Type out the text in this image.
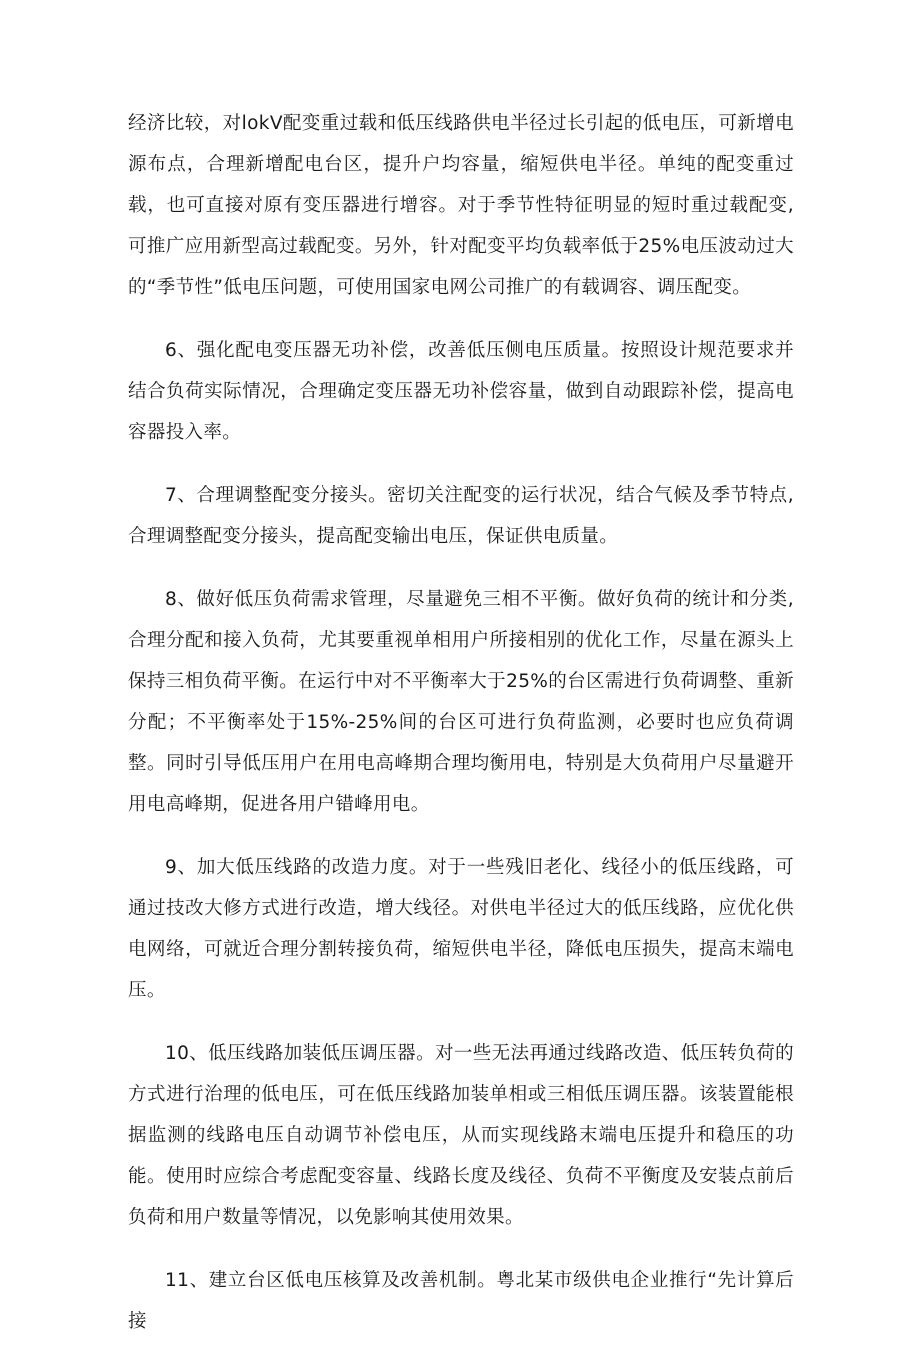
经济比较，对lokV配变重过载和低压线路供电半径过长引起的低电压，可新增电源布点，合理新增配电台区，提升户均容量，缩短供电半径。单纯的配变重过载，也可直接对原有变压器进行增容。对于季节性特征明显的短时重过载配变, 可推广应用新型高过载配变。另外，针对配变平均负载率低于25%电压波动过大的“季节性”低电压问题，可使用国家电网公司推广的有载调容、调压配变。

6、强化配电变压器无功补偿，改善低压侧电压质量。按照设计规范要求并结合负荷实际情况，合理确定变压器无功补偿容量，做到自动跟踪补偿，提高电容器投入率。

7、合理调整配变分接头。密切关注配变的运行状况，结合气候及季节特点, 合理调整配变分接头，提高配变输出电压，保证供电质量。

8、做好低压负荷需求管理，尽量避免三相不平衡。做好负荷的统计和分类, 合理分配和接入负荷，尤其要重视单相用户所接相别的优化工作，尽量在源头上保持三相负荷平衡。在运行中对不平衡率大于25%的台区需进行负荷调整、重新分配；不平衡率处于15%-25%间的台区可进行负荷监测，必要时也应负荷调整。同时引导低压用户在用电高峰期合理均衡用电，特别是大负荷用户尽量避开用电高峰期，促进各用户错峰用电。

9、加大低压线路的改造力度。对于一些残旧老化、线径小的低压线路，可通过技改大修方式进行改造，增大线径。对供电半径过大的低压线路，应优化供电网络，可就近合理分割转接负荷，缩短供电半径，降低电压损失，提高末端电压。

10、低压线路加装低压调压器。对一些无法再通过线路改造、低压转负荷的方式进行治理的低电压，可在低压线路加装单相或三相低压调压器。该装置能根据监测的线路电压自动调节补偿电压，从而实现线路末端电压提升和稳压的功能。使用时应综合考虑配变容量、线路长度及线径、负荷不平衡度及安装点前后负荷和用户数量等情况，以免影响其使用效果。

11、建立台区低电压核算及改善机制。粤北某市级供电企业推行“先计算后接
